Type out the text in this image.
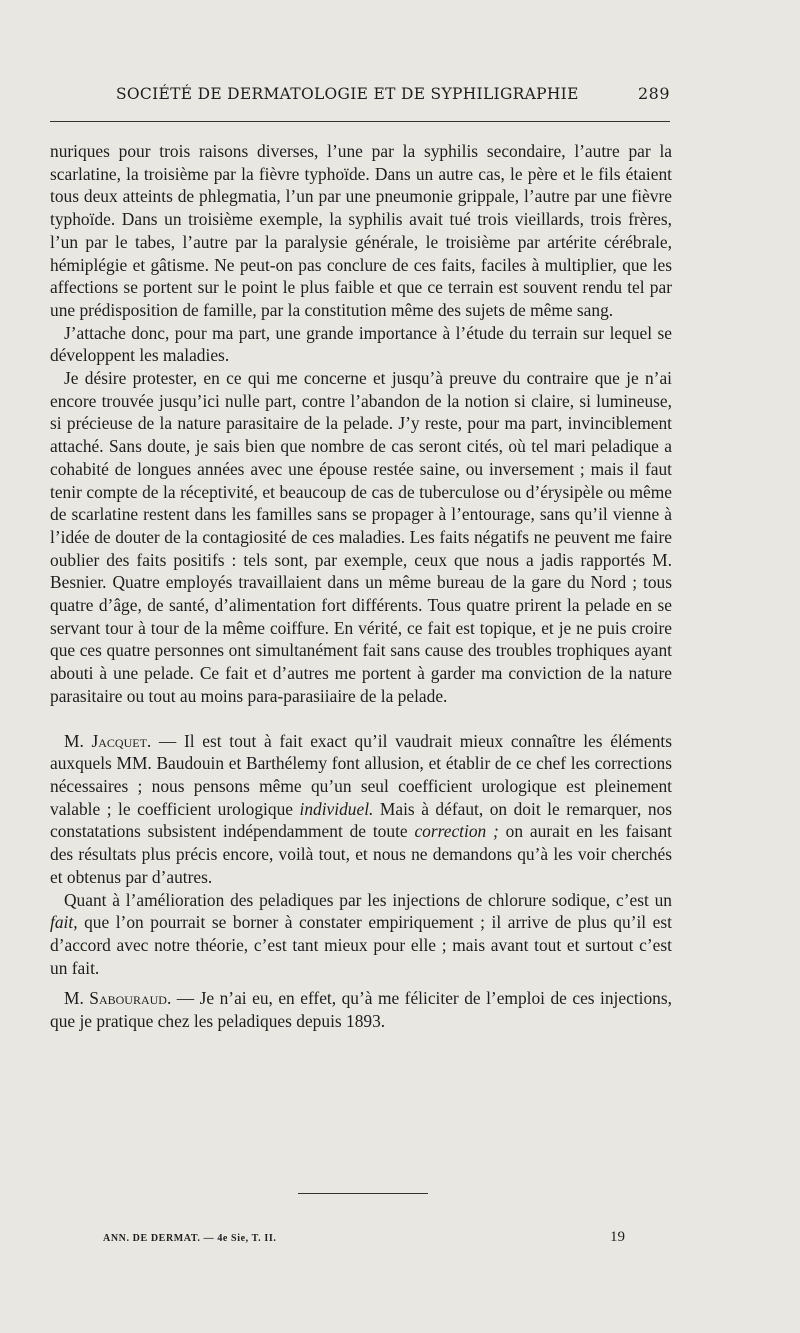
SOCIÉTÉ DE DERMATOLOGIE ET DE SYPHILIGRAPHIE	289

nuriques pour trois raisons diverses, l’une par la syphilis secondaire, l’autre par la scarlatine, la troisième par la fièvre typhoïde. Dans un autre cas, le père et le fils étaient tous deux atteints de phlegmatia, l’un par une pneumonie grippale, l’autre par une fièvre typhoïde. Dans un troisième exemple, la syphilis avait tué trois vieillards, trois frères, l’un par le tabes, l’autre par la paralysie générale, le troisième par artérite cérébrale, hémiplégie et gâtisme. Ne peut-on pas conclure de ces faits, faciles à multiplier, que les affections se portent sur le point le plus faible et que ce terrain est souvent rendu tel par une prédisposition de famille, par la constitution même des sujets de même sang.

J’attache donc, pour ma part, une grande importance à l’étude du terrain sur lequel se développent les maladies.

Je désire protester, en ce qui me concerne et jusqu’à preuve du contraire que je n’ai encore trouvée jusqu’ici nulle part, contre l’abandon de la notion si claire, si lumineuse, si précieuse de la nature parasitaire de la pelade. J’y reste, pour ma part, invinciblement attaché. Sans doute, je sais bien que nombre de cas seront cités, où tel mari peladique a cohabité de longues années avec une épouse restée saine, ou inversement ; mais il faut tenir compte de la réceptivité, et beaucoup de cas de tuberculose ou d’érysipèle ou même de scarlatine restent dans les familles sans se propager à l’entourage, sans qu’il vienne à l’idée de douter de la contagiosité de ces maladies. Les faits négatifs ne peuvent me faire oublier des faits positifs : tels sont, par exemple, ceux que nous a jadis rapportés M. Besnier. Quatre employés travaillaient dans un même bureau de la gare du Nord ; tous quatre d’âge, de santé, d’alimentation fort différents. Tous quatre prirent la pelade en se servant tour à tour de la même coiffure. En vérité, ce fait est topique, et je ne puis croire que ces quatre personnes ont simultanément fait sans cause des troubles trophiques ayant abouti à une pelade. Ce fait et d’autres me portent à garder ma conviction de la nature parasitaire ou tout au moins para-parasiiaire de la pelade.

M. Jacquet. — Il est tout à fait exact qu’il vaudrait mieux connaître les éléments auxquels MM. Baudouin et Barthélemy font allusion, et établir de ce chef les corrections nécessaires ; nous pensons même qu’un seul coefficient urologique est pleinement valable ; le coefficient urologique individuel. Mais à défaut, on doit le remarquer, nos constatations subsistent indépendamment de toute correction ; on aurait en les faisant des résultats plus précis encore, voilà tout, et nous ne demandons qu’à les voir cherchés et obtenus par d’autres.

Quant à l’amélioration des peladiques par les injections de chlorure sodique, c’est un fait, que l’on pourrait se borner à constater empiriquement ; il arrive de plus qu’il est d’accord avec notre théorie, c’est tant mieux pour elle ; mais avant tout et surtout c’est un fait.

M. Sabouraud. — Je n’ai eu, en effet, qu’à me féliciter de l’emploi de ces injections, que je pratique chez les peladiques depuis 1893.

ANN. DE DERMAT. — 4e Sie, T. II.	19
